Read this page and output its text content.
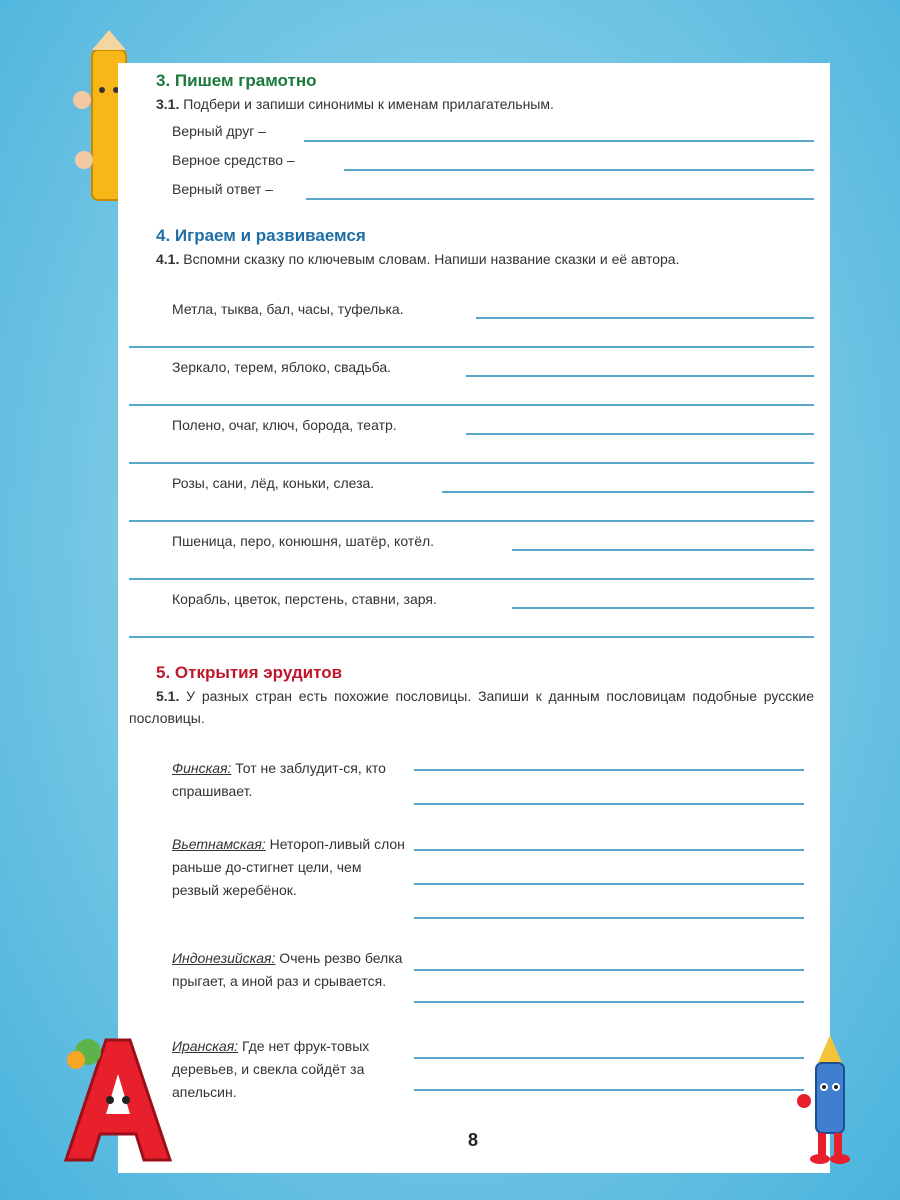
3. Пишем грамотно
3.1. Подбери и запиши синонимы к именам прилагательным.
Верный друг –
Верное средство –
Верный ответ –
4. Играем и развиваемся
4.1. Вспомни сказку по ключевым словам. Напиши название сказки и её автора.
Метла, тыква, бал, часы, туфелька.
Зеркало, терем, яблоко, свадьба.
Полено, очаг, ключ, борода, театр.
Розы, сани, лёд, коньки, слеза.
Пшеница, перо, конюшня, шатёр, котёл.
Корабль, цветок, перстень, ставни, заря.
5. Открытия эрудитов
5.1. У разных стран есть похожие пословицы. Запиши к данным пословицам подобные русские пословицы.
Финская: Тот не заблудит-ся, кто спрашивает.
Вьетнамская: Нетороп-ливый слон раньше до-стигнет цели, чем резвый жеребёнок.
Индонезийская: Очень резво белка прыгает, а иной раз и срывается.
Иранская: Где нет фрук-товых деревьев, и свекла сойдёт за апельсин.
8
